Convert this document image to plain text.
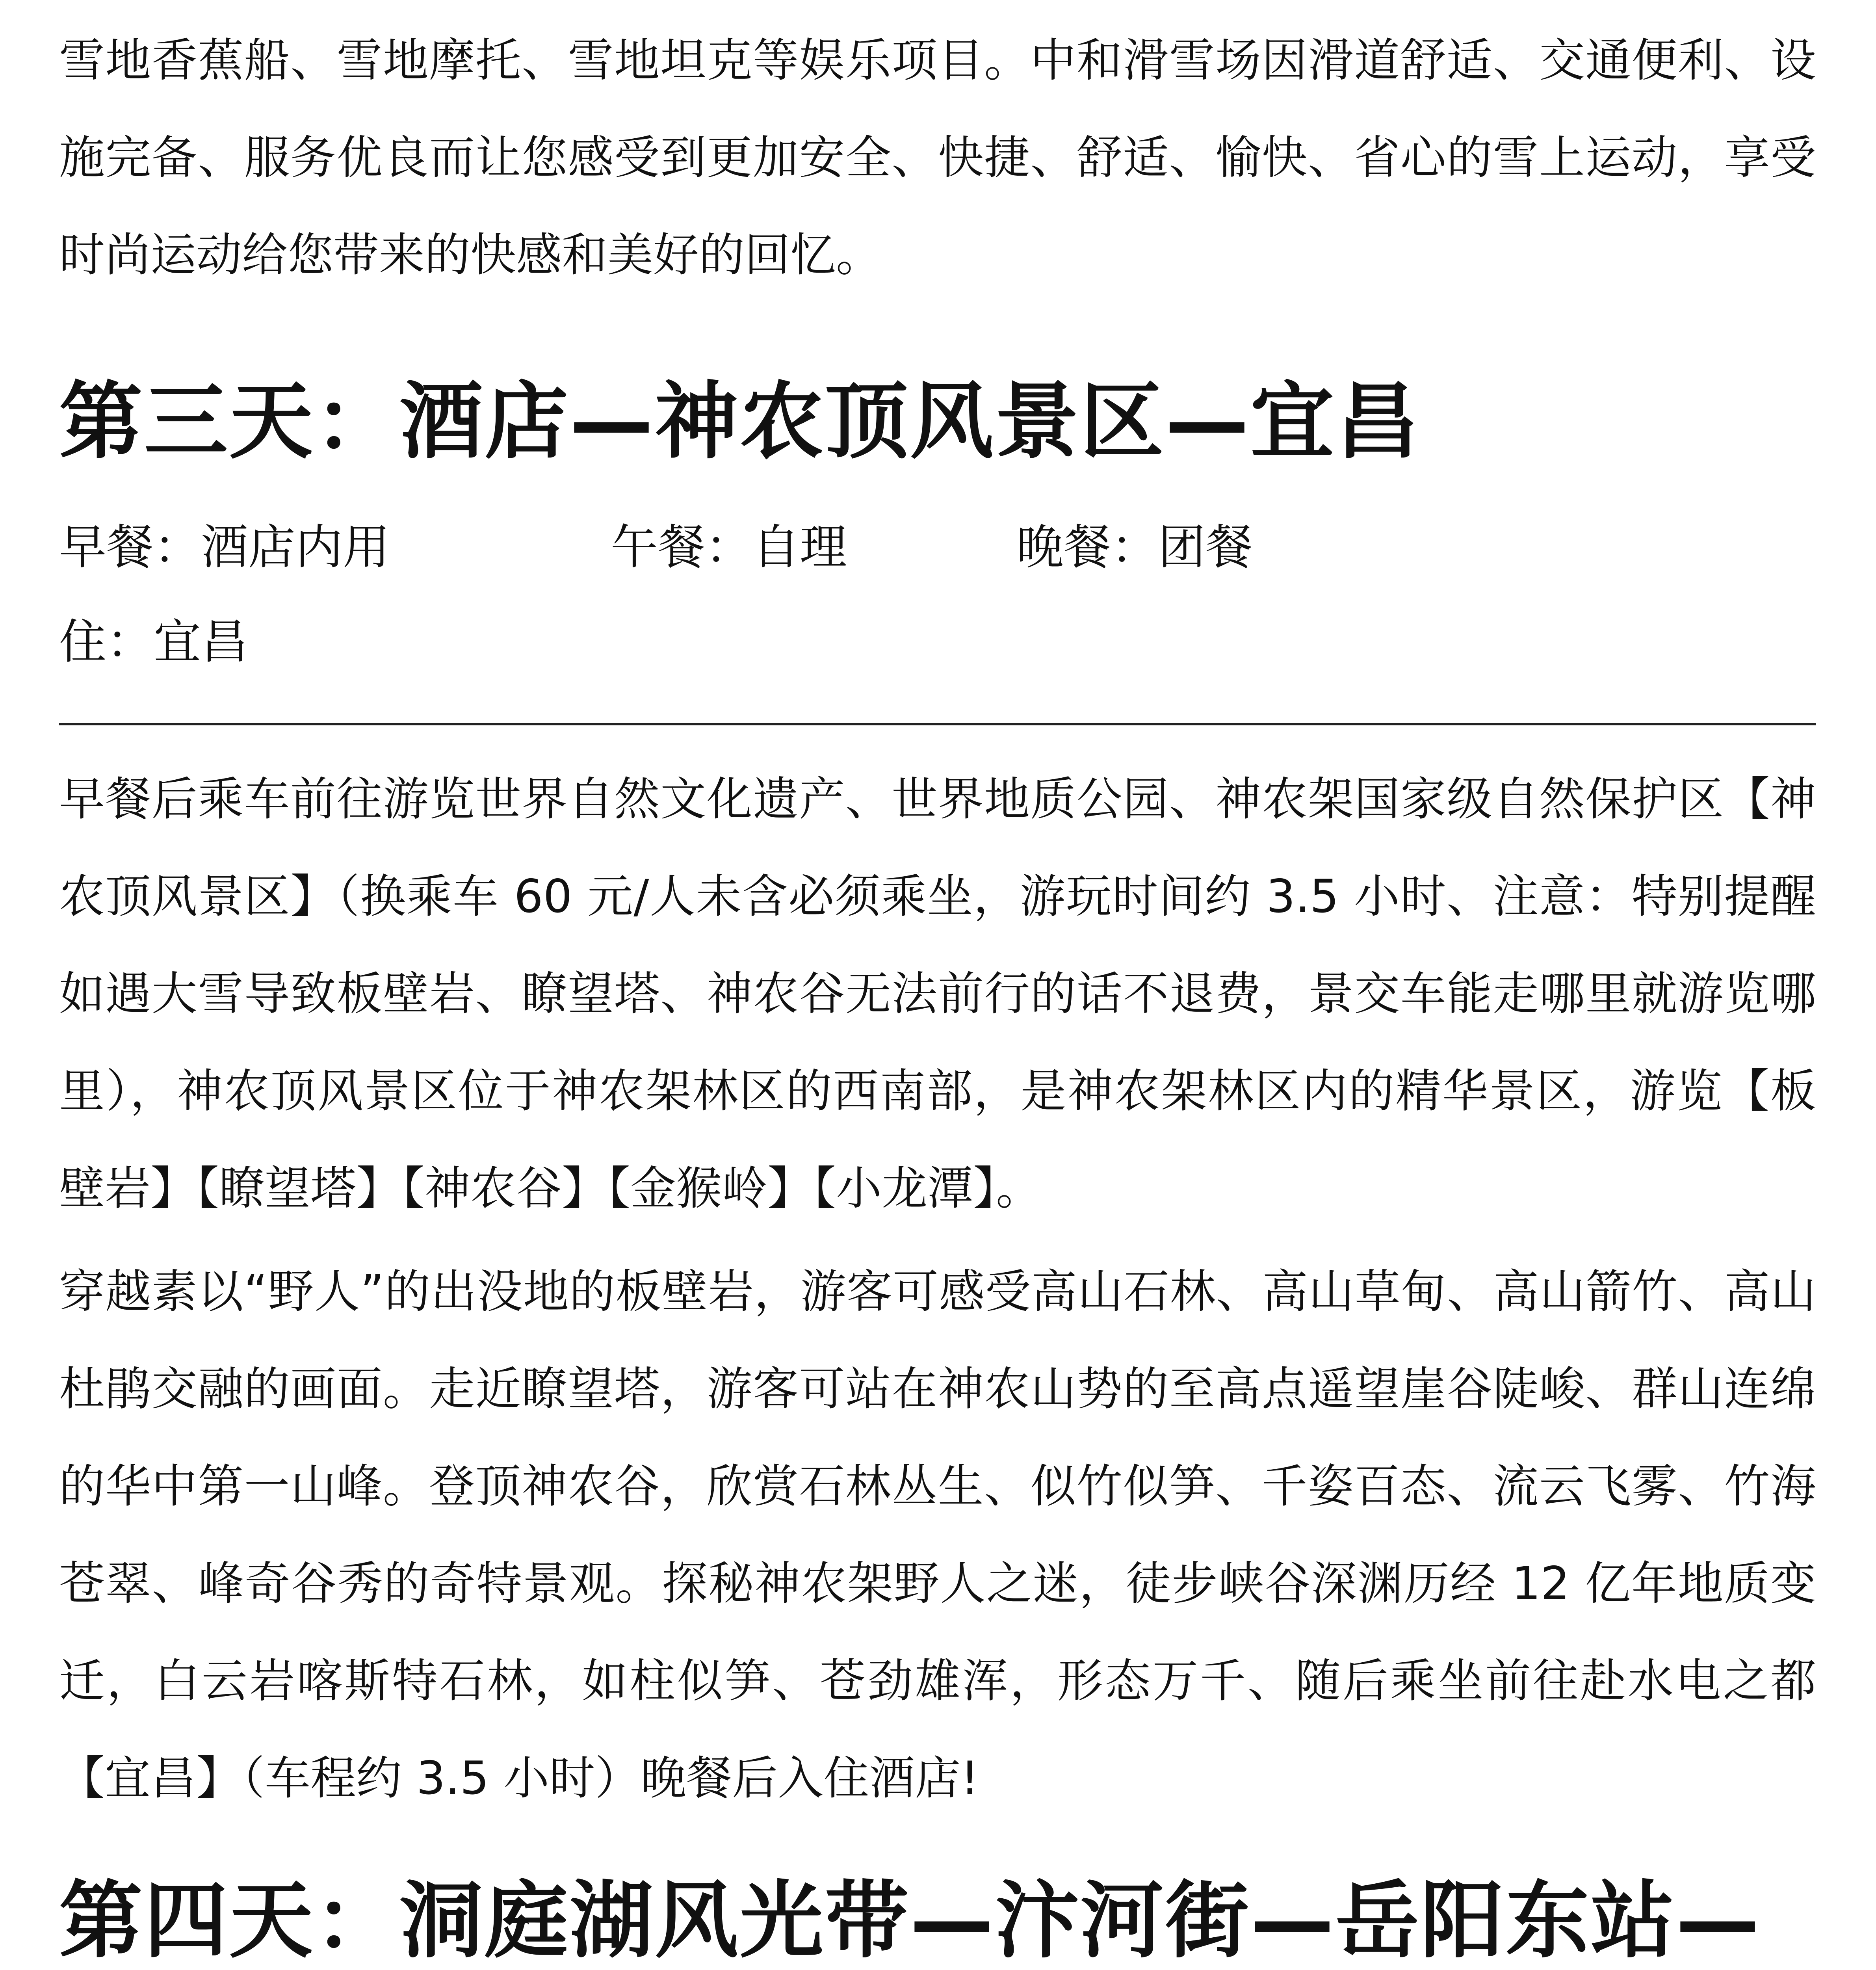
雪地香蕉船、雪地摩托、雪地坦克等娱乐项目。中和滑雪场因滑道舒适、交通便利、设施完备、服务优良而让您感受到更加安全、快捷、舒适、愉快、省心的雪上运动，享受时尚运动给您带来的快感和美好的回忆。

第三天：酒店—神农顶风景区—宜昌
早餐：酒店内用	午餐：自理	晚餐：团餐
住：宜昌

早餐后乘车前往游览世界自然文化遗产、世界地质公园、神农架国家级自然保护区【神农顶风景区】（换乘车 60 元/人未含必须乘坐，游玩时间约 3.5 小时、注意：特别提醒如遇大雪导致板壁岩、瞭望塔、神农谷无法前行的话不退费，景交车能走哪里就游览哪里），神农顶风景区位于神农架林区的西南部，是神农架林区内的精华景区，游览【板壁岩】【瞭望塔】【神农谷】【金猴岭】【小龙潭】。

穿越素以“野人”的出没地的板壁岩，游客可感受高山石林、高山草甸、高山箭竹、高山杜鹃交融的画面。走近瞭望塔，游客可站在神农山势的至高点遥望崖谷陡峻、群山连绵的华中第一山峰。登顶神农谷，欣赏石林丛生、似竹似笋、千姿百态、流云飞雾、竹海苍翠、峰奇谷秀的奇特景观。探秘神农架野人之迷，徒步峡谷深渊历经 12 亿年地质变迁，白云岩喀斯特石林，如柱似笋、苍劲雄浑，形态万千、随后乘坐前往赴水电之都【宜昌】（车程约 3.5 小时）晚餐后入住酒店!

第四天：洞庭湖风光带—汴河街—岳阳东站—
